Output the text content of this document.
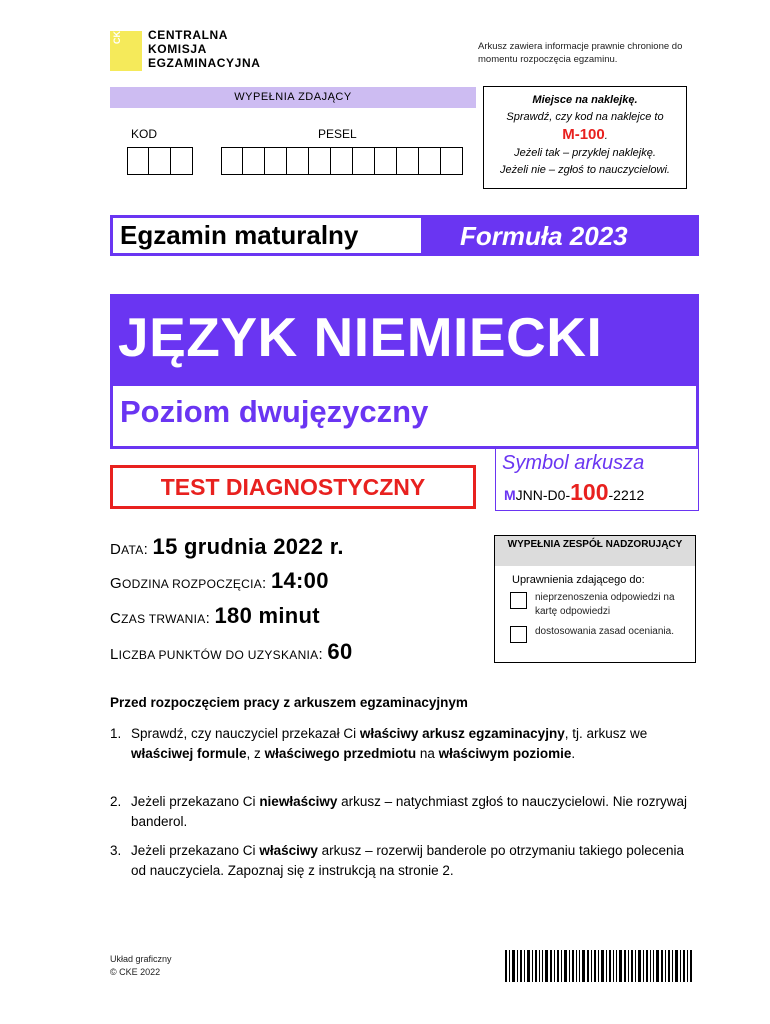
CK CENTRALNA
KOMISJA
EGZAMINACYJNA
Arkusz zawiera informacje prawnie chronione do momentu rozpoczęcia egzaminu.
WYPEŁNIA ZDAJĄCY
KOD	PESEL
Miejsce na naklejkę.
Sprawdź, czy kod na naklejce to
M-100.
Jeżeli tak – przyklej naklejkę.
Jeżeli nie – zgłoś to nauczycielowi.
Egzamin maturalny	Formuła 2023
JĘZYK NIEMIECKI
Poziom dwujęzyczny
TEST DIAGNOSTYCZNY
Symbol arkusza
MJNN-D0-100-2212
DATA: 15 grudnia 2022 r.
GODZINA ROZPOCZĘCIA: 14:00
CZAS TRWANIA: 180 minut
LICZBA PUNKTÓW DO UZYSKANIA: 60
WYPEŁNIA ZESPÓŁ NADZORUJĄCY
Uprawnienia zdającego do:
nieprzenoszenia odpowiedzi na kartę odpowiedzi
dostosowania zasad oceniania.
Przed rozpoczęciem pracy z arkuszem egzaminacyjnym
1. Sprawdź, czy nauczyciel przekazał Ci właściwy arkusz egzaminacyjny, tj. arkusz we właściwej formule, z właściwego przedmiotu na właściwym poziomie.
2. Jeżeli przekazano Ci niewłaściwy arkusz – natychmiast zgłoś to nauczycielowi. Nie rozrywaj banderol.
3. Jeżeli przekazano Ci właściwy arkusz – rozerwij banderole po otrzymaniu takiego polecenia od nauczyciela. Zapoznaj się z instrukcją na stronie 2.
Układ graficzny
© CKE 2022
